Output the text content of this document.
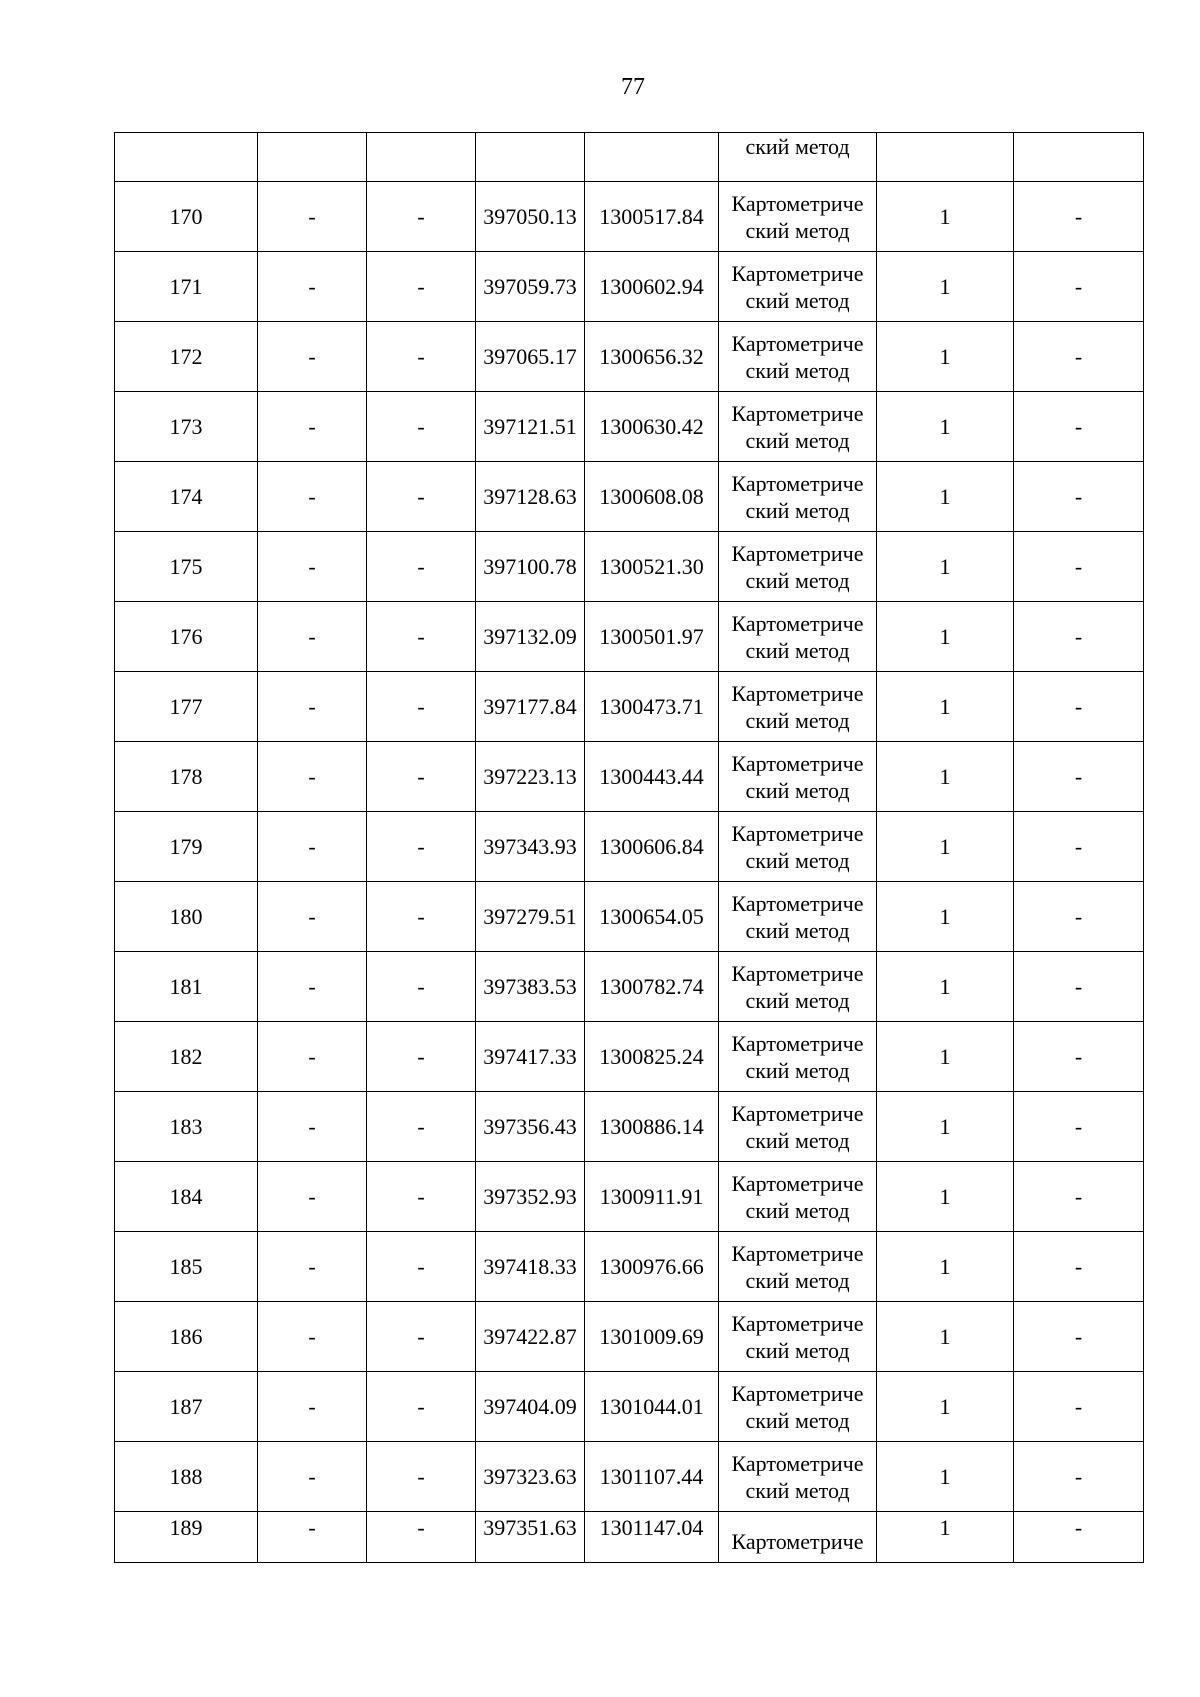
77

					ский метод		

170	-	-	397050.13	1300517.84	Картометриче
ский метод	1	-
171	-	-	397059.73	1300602.94	Картометриче
ский метод	1	-
172	-	-	397065.17	1300656.32	Картометриче
ский метод	1	-
173	-	-	397121.51	1300630.42	Картометриче
ский метод	1	-
174	-	-	397128.63	1300608.08	Картометриче
ский метод	1	-
175	-	-	397100.78	1300521.30	Картометриче
ский метод	1	-
176	-	-	397132.09	1300501.97	Картометриче
ский метод	1	-
177	-	-	397177.84	1300473.71	Картометриче
ский метод	1	-
178	-	-	397223.13	1300443.44	Картометриче
ский метод	1	-
179	-	-	397343.93	1300606.84	Картометриче
ский метод	1	-
180	-	-	397279.51	1300654.05	Картометриче
ский метод	1	-
181	-	-	397383.53	1300782.74	Картометриче
ский метод	1	-
182	-	-	397417.33	1300825.24	Картометриче
ский метод	1	-
183	-	-	397356.43	1300886.14	Картометриче
ский метод	1	-
184	-	-	397352.93	1300911.91	Картометриче
ский метод	1	-
185	-	-	397418.33	1300976.66	Картометриче
ский метод	1	-
186	-	-	397422.87	1301009.69	Картометриче
ский метод	1	-
187	-	-	397404.09	1301044.01	Картометриче
ский метод	1	-
188	-	-	397323.63	1301107.44	Картометриче
ский метод	1	-
189	-	-	397351.63	1301147.04	Картометриче	1	-
